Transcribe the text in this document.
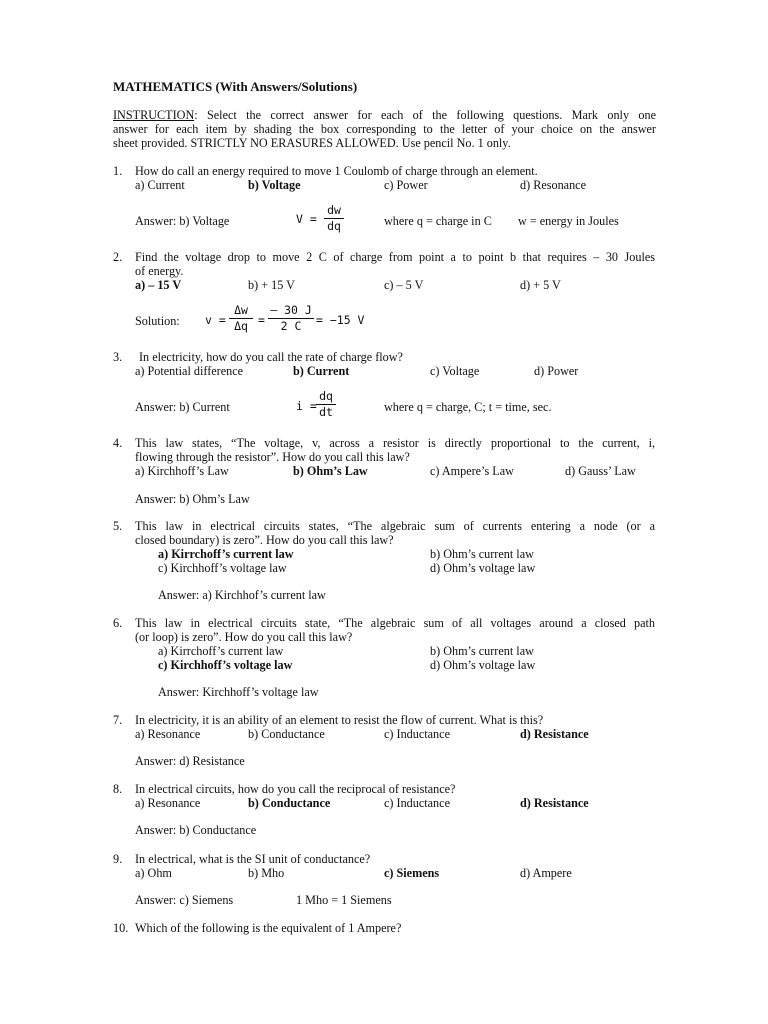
MATHEMATICS (With Answers/Solutions)
INSTRUCTION: Select the correct answer for each of the following questions. Mark only one
answer for each item by shading the box corresponding to the letter of your choice on the answer
sheet provided. STRICTLY NO ERASURES ALLOWED. Use pencil No. 1 only.
1. How do call an energy required to move 1 Coulomb of charge through an element.
a) Current	b) Voltage	c) Power	d) Resonance
Answer: b) Voltage	V =
dw
dq	where q = charge in C w = energy in Joules
2. Find the voltage drop to move 2 C of charge from point a to point b that requires – 30 Joules
of energy.
a) – 15 V	b) + 15 V	c) – 5 V	d) + 5 V
Solution: v =
Δw
Δq =
– 30 J
2 C = −15 V
3. In electricity, how do you call the rate of charge flow?
a) Potential difference	b) Current	c) Voltage	d) Power
Answer: b) Current	i =
dq
dt	where q = charge, C; t = time, sec.
4. This law states, “The voltage, v, across a resistor is directly proportional to the current, i,
flowing through the resistor”. How do you call this law?
a) Kirchhoff’s Law	b) Ohm’s Law	c) Ampere’s Law	d) Gauss’ Law
Answer: b) Ohm’s Law
5. This law in electrical circuits states, “The algebraic sum of currents entering a node (or a
closed boundary) is zero”. How do you call this law?
a) Kirrchoff’s current law	b) Ohm’s current law
c) Kirchhoff’s voltage law	d) Ohm’s voltage law
Answer: a) Kirchhof’s current law
6. This law in electrical circuits state, “The algebraic sum of all voltages around a closed path
(or loop) is zero”. How do you call this law?
a) Kirrchoff’s current law	b) Ohm’s current law
c) Kirchhoff’s voltage law	d) Ohm’s voltage law
Answer: Kirchhoff’s voltage law
7. In electricity, it is an ability of an element to resist the flow of current. What is this?
a) Resonance	b) Conductance	c) Inductance	d) Resistance
Answer: d) Resistance
8. In electrical circuits, how do you call the reciprocal of resistance?
a) Resonance	b) Conductance	c) Inductance	d) Resistance
Answer: b) Conductance
9. In electrical, what is the SI unit of conductance?
a) Ohm	b) Mho	c) Siemens	d) Ampere
Answer: c) Siemens	1 Mho = 1 Siemens
10. Which of the following is the equivalent of 1 Ampere?
